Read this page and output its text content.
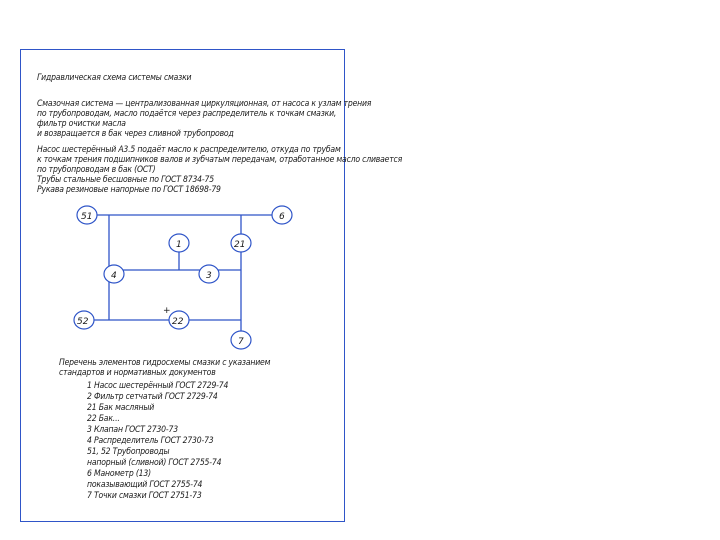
Гидравлическая схема системы смазки
Смазочная система — централизованная циркуляционная, от насоса к узлам трения
по трубопроводам, масло подаётся через распределитель к точкам смазки,
фильтр очистки масла
и возвращается в бак через сливной трубопровод
Насос шестерённый А3.5 подаёт масло к распределителю, откуда по трубам
к точкам трения подшипников валов и зубчатым передачам, отработанное масло сливается
по трубопроводам в бак (ОСТ)
Трубы стальные бесшовные по ГОСТ 8734-75
Рукава резиновые напорные по ГОСТ 18698-79
51	6
1	21
4	3
52	22
7
+
Перечень элементов гидросхемы смазки с указанием
стандартов и нормативных документов
1 Насос шестерённый ГОСТ 2729-74
2 Фильтр сетчатый ГОСТ 2729-74
21 Бак масляный
22 Бак...
3 Клапан ГОСТ 2730-73
4 Распределитель ГОСТ 2730-73
51, 52 Трубопроводы
напорный (сливной) ГОСТ 2755-74
6 Манометр (13)
показывающий ГОСТ 2755-74
7 Точки смазки ГОСТ 2751-73
